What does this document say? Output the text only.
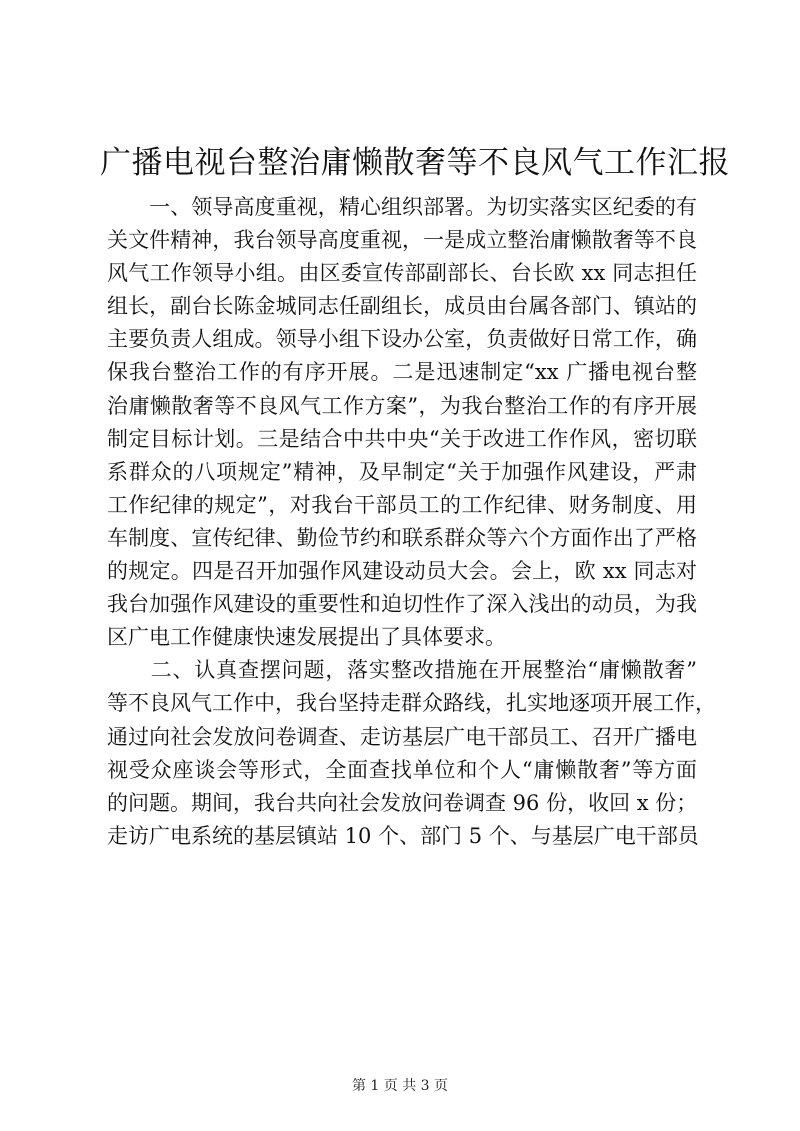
广播电视台整治庸懒散奢等不良风气工作汇报

　　一、领导高度重视，精心组织部署。为切实落实区纪委的有
关文件精神，我台领导高度重视，一是成立整治庸懒散奢等不良
风气工作领导小组。由区委宣传部副部长、台长欧 xx 同志担任
组长，副台长陈金城同志任副组长，成员由台属各部门、镇站的
主要负责人组成。领导小组下设办公室，负责做好日常工作，确
保我台整治工作的有序开展。二是迅速制定“xx 广播电视台整
治庸懒散奢等不良风气工作方案”，为我台整治工作的有序开展
制定目标计划。三是结合中共中央“关于改进工作作风，密切联
系群众的八项规定”精神，及早制定“关于加强作风建设，严肃
工作纪律的规定”，对我台干部员工的工作纪律、财务制度、用
车制度、宣传纪律、勤俭节约和联系群众等六个方面作出了严格
的规定。四是召开加强作风建设动员大会。会上，欧 xx 同志对
我台加强作风建设的重要性和迫切性作了深入浅出的动员，为我
区广电工作健康快速发展提出了具体要求。

　　二、认真查摆问题，落实整改措施在开展整治“庸懒散奢”
等不良风气工作中，我台坚持走群众路线，扎实地逐项开展工作，
通过向社会发放问卷调查、走访基层广电干部员工、召开广播电
视受众座谈会等形式，全面查找单位和个人“庸懒散奢”等方面
的问题。期间，我台共向社会发放问卷调查 96 份，收回 x 份；
走访广电系统的基层镇站 10 个、部门 5 个、与基层广电干部员

第 1 页 共 3 页
